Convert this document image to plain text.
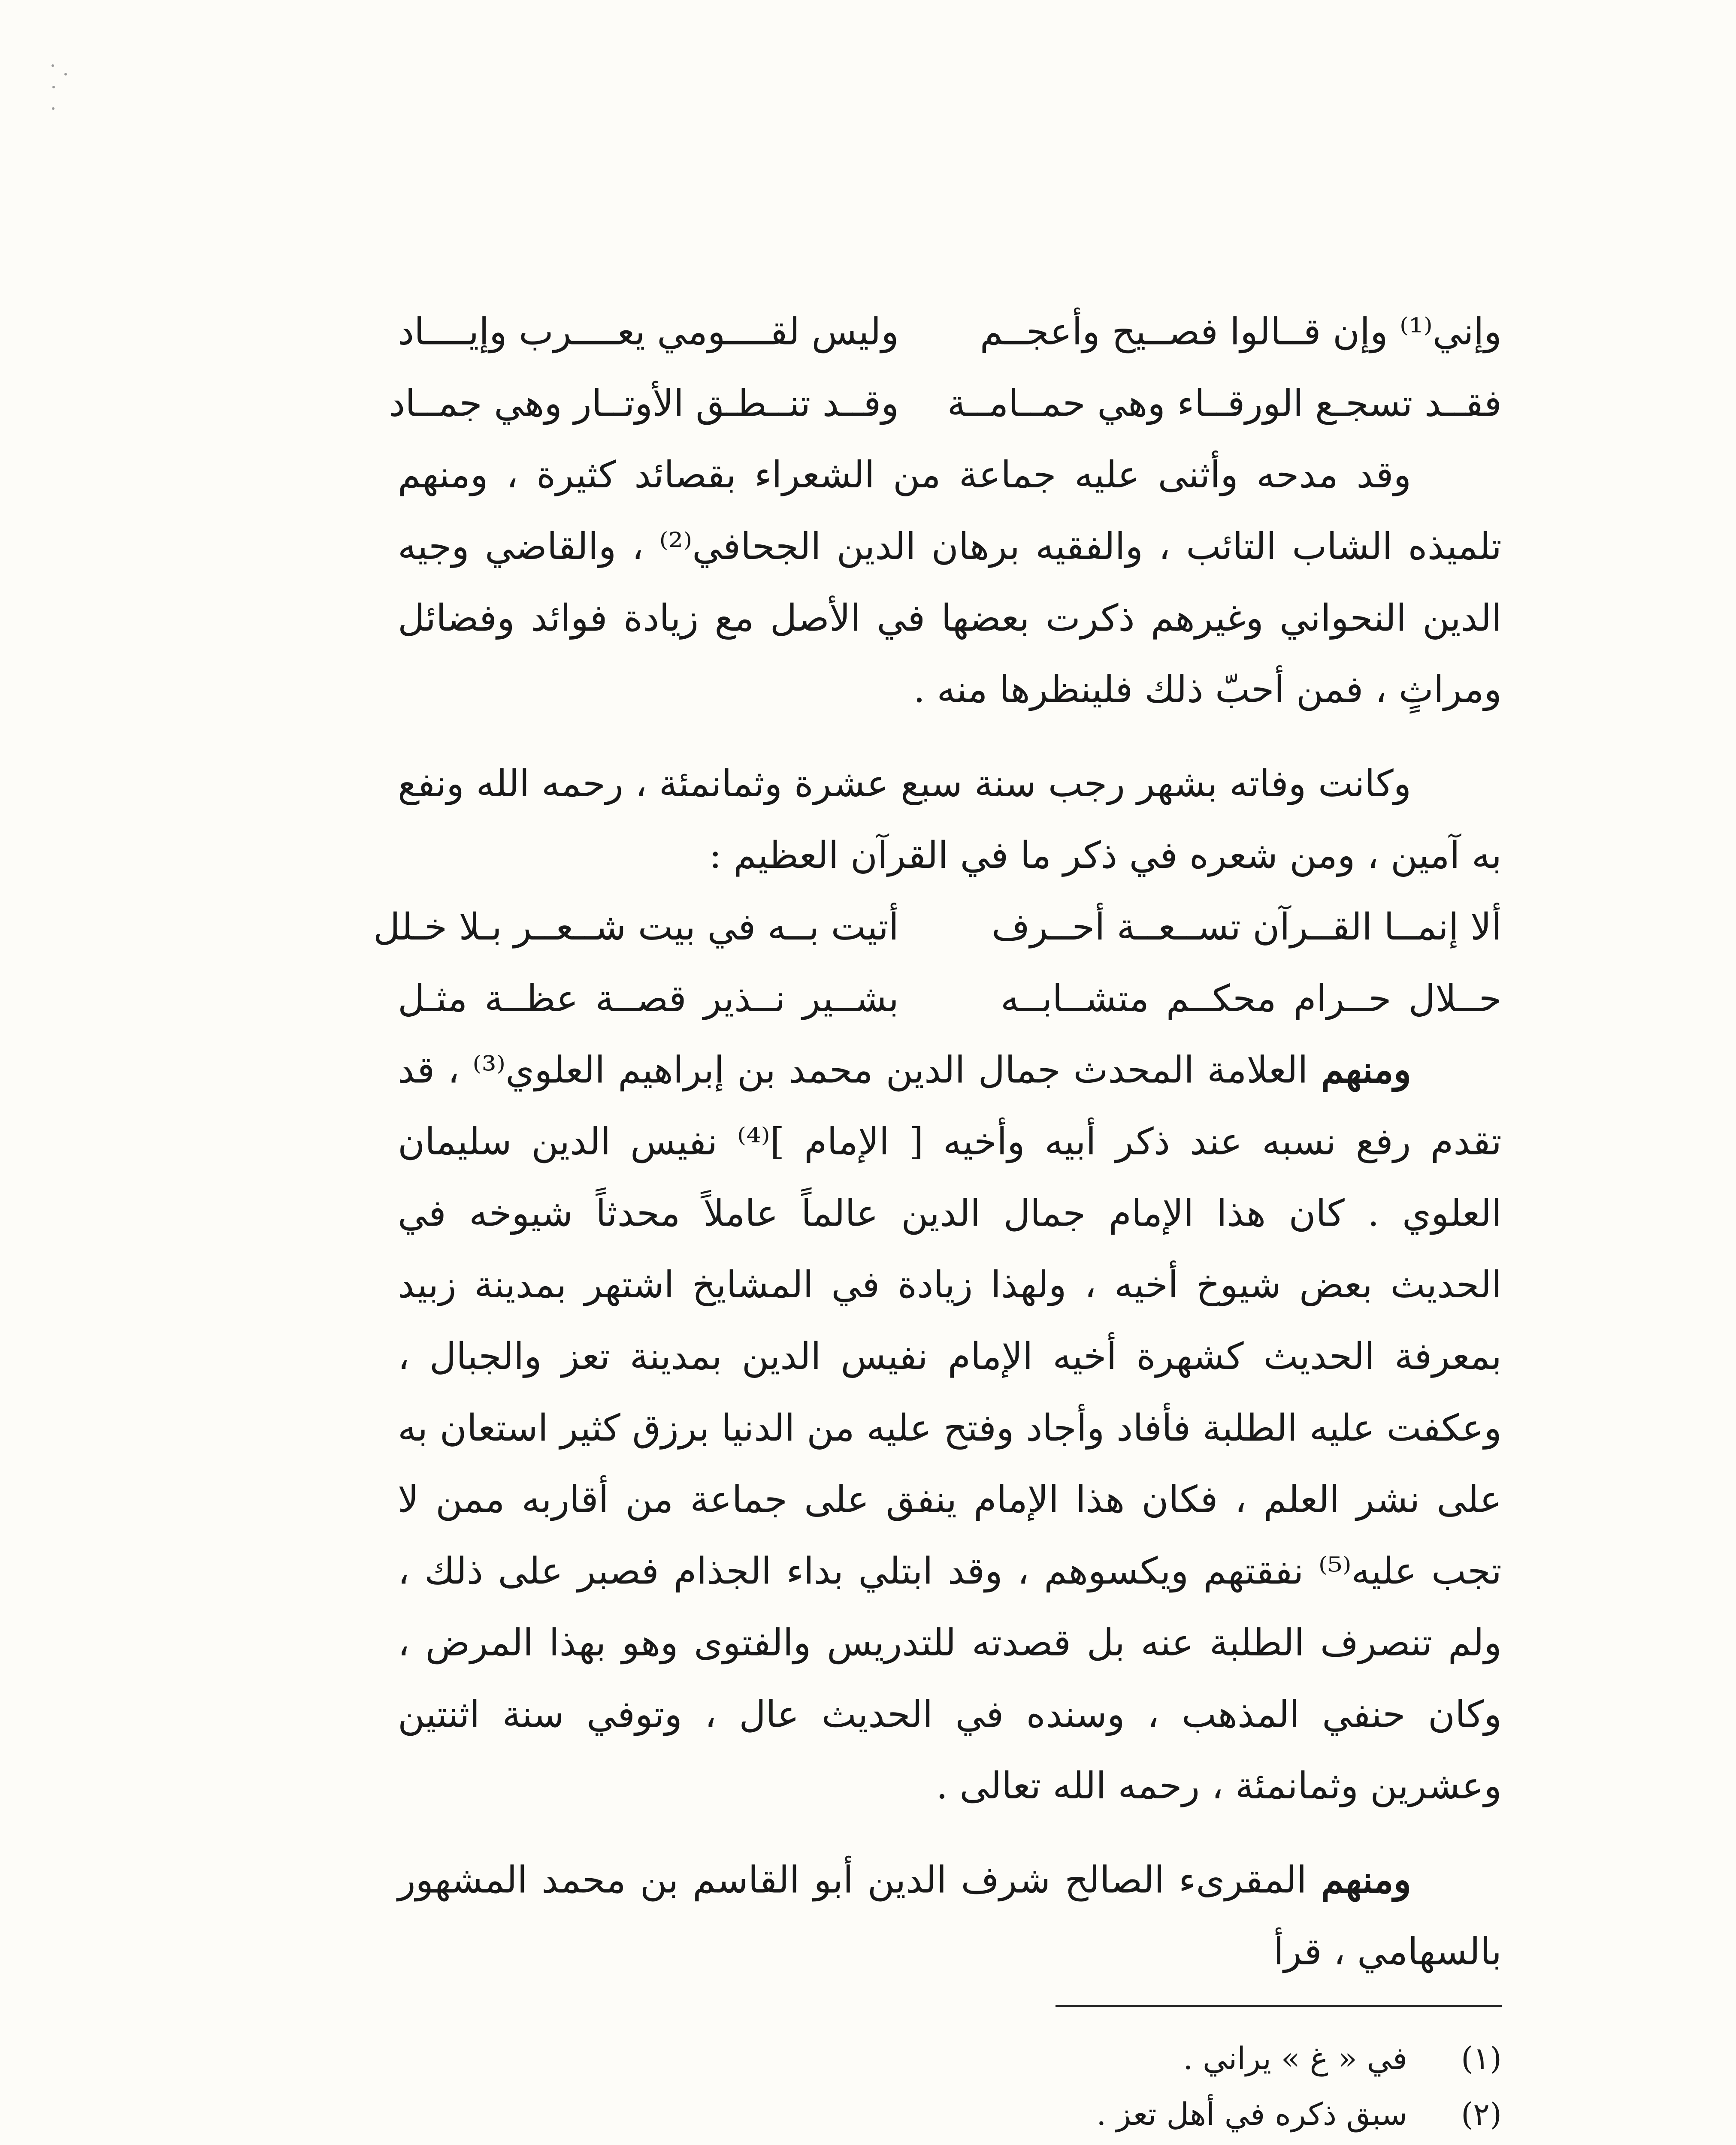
وإني⁽¹⁾ وإن قــالوا فصــيح وأعجــم
وليس لقــــومي يعــــرب وإيــــاد
فقــد تسجـع الورقــاء وهي حمــامــة
وقــد تنــطـق الأوتــار وهي جمــاد

وقد مدحه وأثنى عليه جماعة من الشعراء بقصائد كثيرة ، ومنهم تلميذه الشاب التائب ، والفقيه برهان الدين الجحافي⁽²⁾ ، والقاضي وجيه الدين النحواني وغيرهم ذكرت بعضها في الأصل مع زيادة فوائد وفضائل ومراثٍ ، فمن أحبّ ذلك فلينظرها منه .

وكانت وفاته بشهر رجب سنة سبع عشرة وثمانمئة ، رحمه الله ونفع به آمين ، ومن شعره في ذكر ما في القرآن العظيم :

ألا إنمــا القــرآن تســعــة أحــرف
أتيت بــه في بيت شــعــر بـلا خـلل
حــلال حــرام محكــم متشــابــه
بشــير نــذير قصــة عظــة مثـل

ومنهم العلامة المحدث جمال الدين محمد بن إبراهيم العلوي⁽³⁾ ، قد تقدم رفع نسبه عند ذكر أبيه وأخيه [ الإمام ]⁽⁴⁾ نفيس الدين سليمان العلوي . كان هذا الإمام جمال الدين عالماً عاملاً محدثاً شيوخه في الحديث بعض شيوخ أخيه ، ولهذا زيادة في المشايخ اشتهر بمدينة زبيد بمعرفة الحديث كشهرة أخيه الإمام نفيس الدين بمدينة تعز والجبال ، وعكفت عليه الطلبة فأفاد وأجاد وفتح عليه من الدنيا برزق كثير استعان به على نشر العلم ، فكان هذا الإمام ينفق على جماعة من أقاربه ممن لا تجب عليه⁽⁵⁾ نفقتهم ويكسوهم ، وقد ابتلي بداء الجذام فصبر على ذلك ، ولم تنصرف الطلبة عنه بل قصدته للتدريس والفتوى وهو بهذا المرض ، وكان حنفي المذهب ، وسنده في الحديث عال ، وتوفي سنة اثنتين وعشرين وثمانمئة ، رحمه الله تعالى .

ومنهم المقرىء الصالح شرف الدين أبو القاسم بن محمد المشهور بالسهامي ، قرأ

(١)
في « غ » يراني .
(٢)
سبق ذكره في أهل تعز .
